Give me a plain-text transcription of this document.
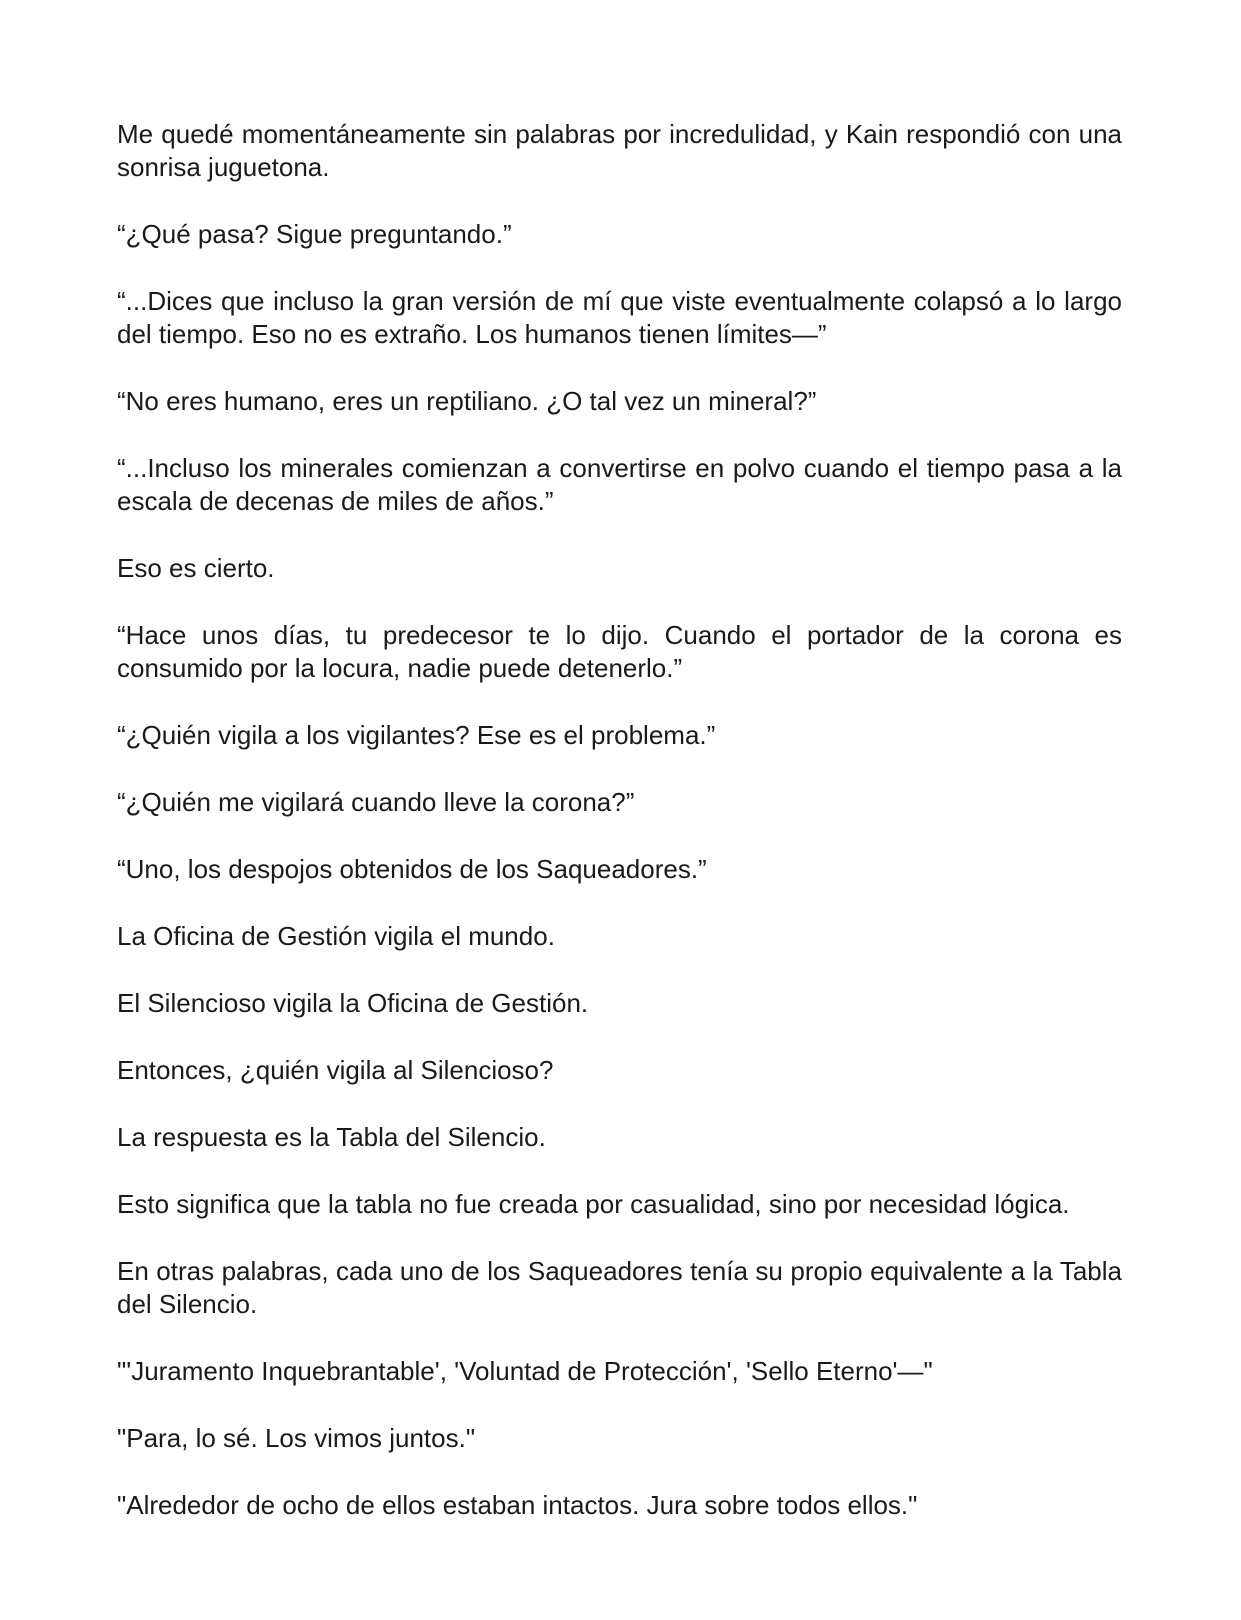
Me quedé momentáneamente sin palabras por incredulidad, y Kain respondió con una sonrisa juguetona.

“¿Qué pasa? Sigue preguntando.”

“...Dices que incluso la gran versión de mí que viste eventualmente colapsó a lo largo del tiempo. Eso no es extraño. Los humanos tienen límites—”

“No eres humano, eres un reptiliano. ¿O tal vez un mineral?”

“...Incluso los minerales comienzan a convertirse en polvo cuando el tiempo pasa a la escala de decenas de miles de años.”

Eso es cierto.

“Hace unos días, tu predecesor te lo dijo. Cuando el portador de la corona es consumido por la locura, nadie puede detenerlo.”

“¿Quién vigila a los vigilantes? Ese es el problema.”

“¿Quién me vigilará cuando lleve la corona?”

“Uno, los despojos obtenidos de los Saqueadores.”

La Oficina de Gestión vigila el mundo.

El Silencioso vigila la Oficina de Gestión.

Entonces, ¿quién vigila al Silencioso?

La respuesta es la Tabla del Silencio.

Esto significa que la tabla no fue creada por casualidad, sino por necesidad lógica.

En otras palabras, cada uno de los Saqueadores tenía su propio equivalente a la Tabla del Silencio.

"'Juramento Inquebrantable', 'Voluntad de Protección', 'Sello Eterno'—"

"Para, lo sé. Los vimos juntos."

"Alrededor de ocho de ellos estaban intactos. Jura sobre todos ellos."
